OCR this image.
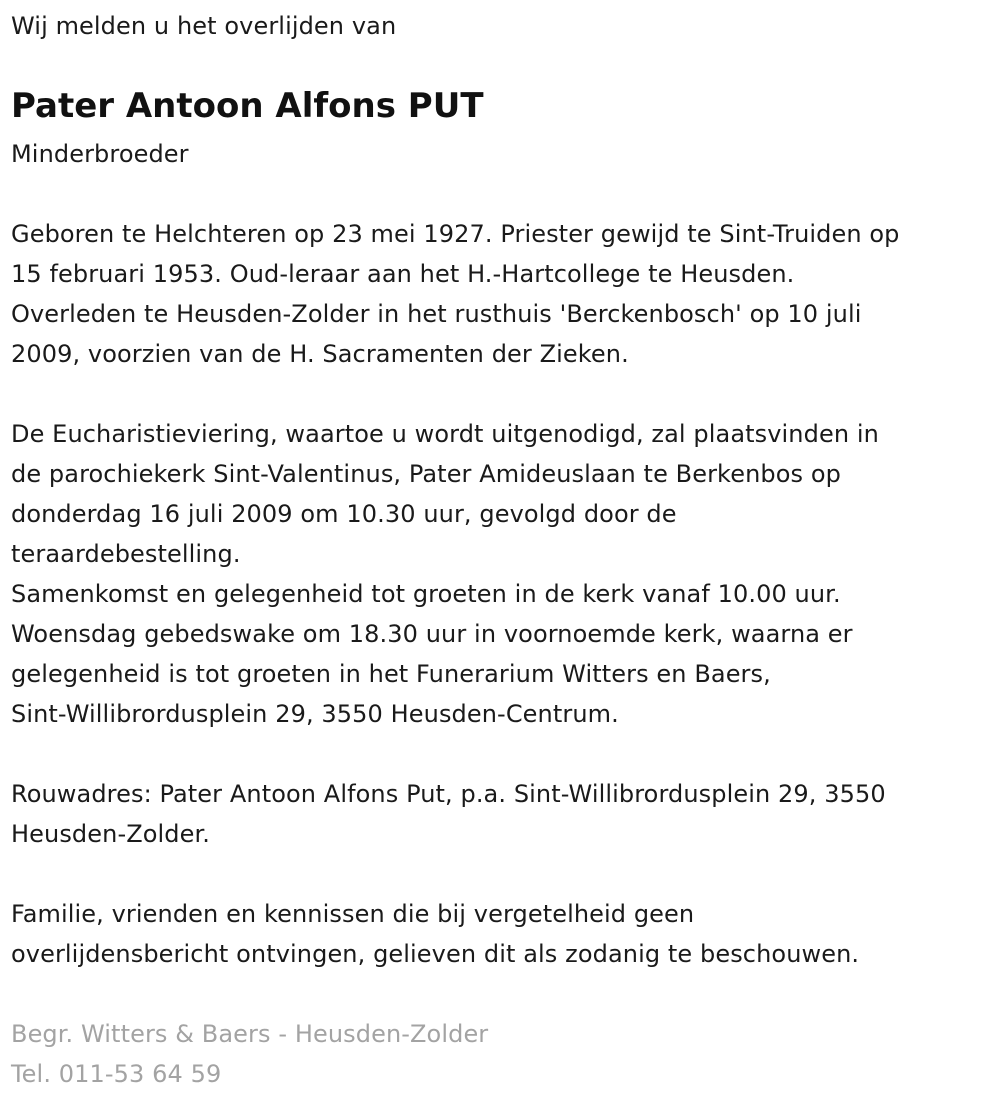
Wij melden u het overlijden van
Pater Antoon Alfons PUT
Minderbroeder
Geboren te Helchteren op 23 mei 1927. Priester gewijd te Sint-Truiden op
15 februari 1953. Oud-leraar aan het H.-Hartcollege te Heusden.
Overleden te Heusden-Zolder in het rusthuis 'Berckenbosch' op 10 juli
2009, voorzien van de H. Sacramenten der Zieken.
De Eucharistieviering, waartoe u wordt uitgenodigd, zal plaatsvinden in
de parochiekerk Sint-Valentinus, Pater Amideuslaan te Berkenbos op
donderdag 16 juli 2009 om 10.30 uur, gevolgd door de
teraardebestelling.
Samenkomst en gelegenheid tot groeten in de kerk vanaf 10.00 uur.
Woensdag gebedswake om 18.30 uur in voornoemde kerk, waarna er
gelegenheid is tot groeten in het Funerarium Witters en Baers,
Sint-Willibrordusplein 29, 3550 Heusden-Centrum.
Rouwadres: Pater Antoon Alfons Put, p.a. Sint-Willibrordusplein 29, 3550
Heusden-Zolder.
Familie, vrienden en kennissen die bij vergetelheid geen
overlijdensbericht ontvingen, gelieven dit als zodanig te beschouwen.
Begr. Witters & Baers - Heusden-Zolder
Tel. 011-53 64 59
